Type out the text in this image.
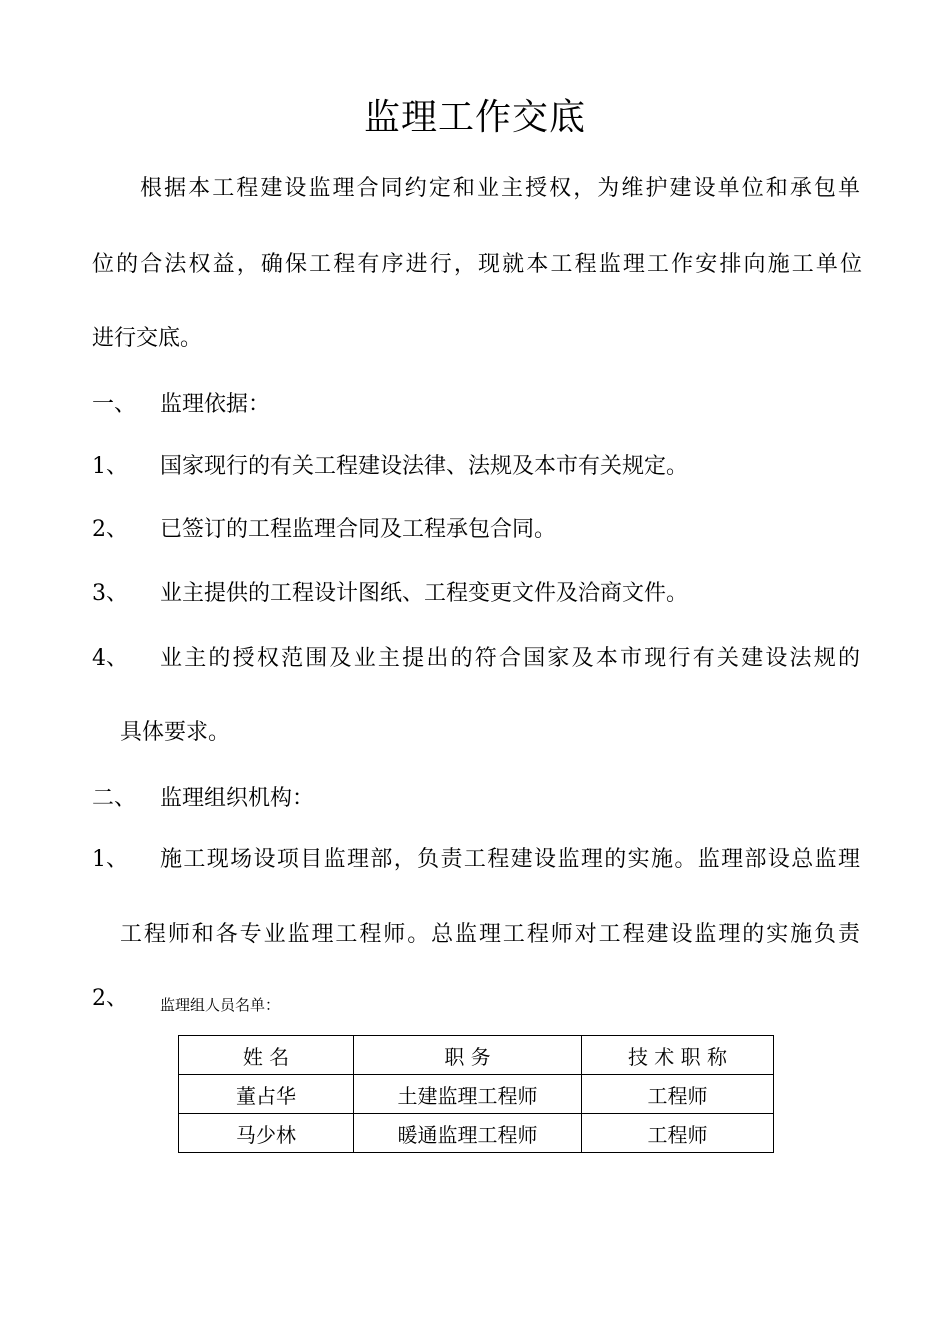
监理工作交底
根据本工程建设监理合同约定和业主授权，为维护建设单位和承包单
位的合法权益，确保工程有序进行，现就本工程监理工作安排向施工单位
进行交底。
一、 监理依据：
1、 国家现行的有关工程建设法律、法规及本市有关规定。
2、 已签订的工程监理合同及工程承包合同。
3、 业主提供的工程设计图纸、工程变更文件及洽商文件。
4、 业主的授权范围及业主提出的符合国家及本市现行有关建设法规的
具体要求。
二、 监理组织机构：
1、 施工现场设项目监理部，负责工程建设监理的实施。监理部设总监理
工程师和各专业监理工程师。总监理工程师对工程建设监理的实施负责
2、 监理组人员名单：
姓 名	职 务	技 术 职 称
董占华	土建监理工程师	工程师
马少林	暖通监理工程师	工程师
